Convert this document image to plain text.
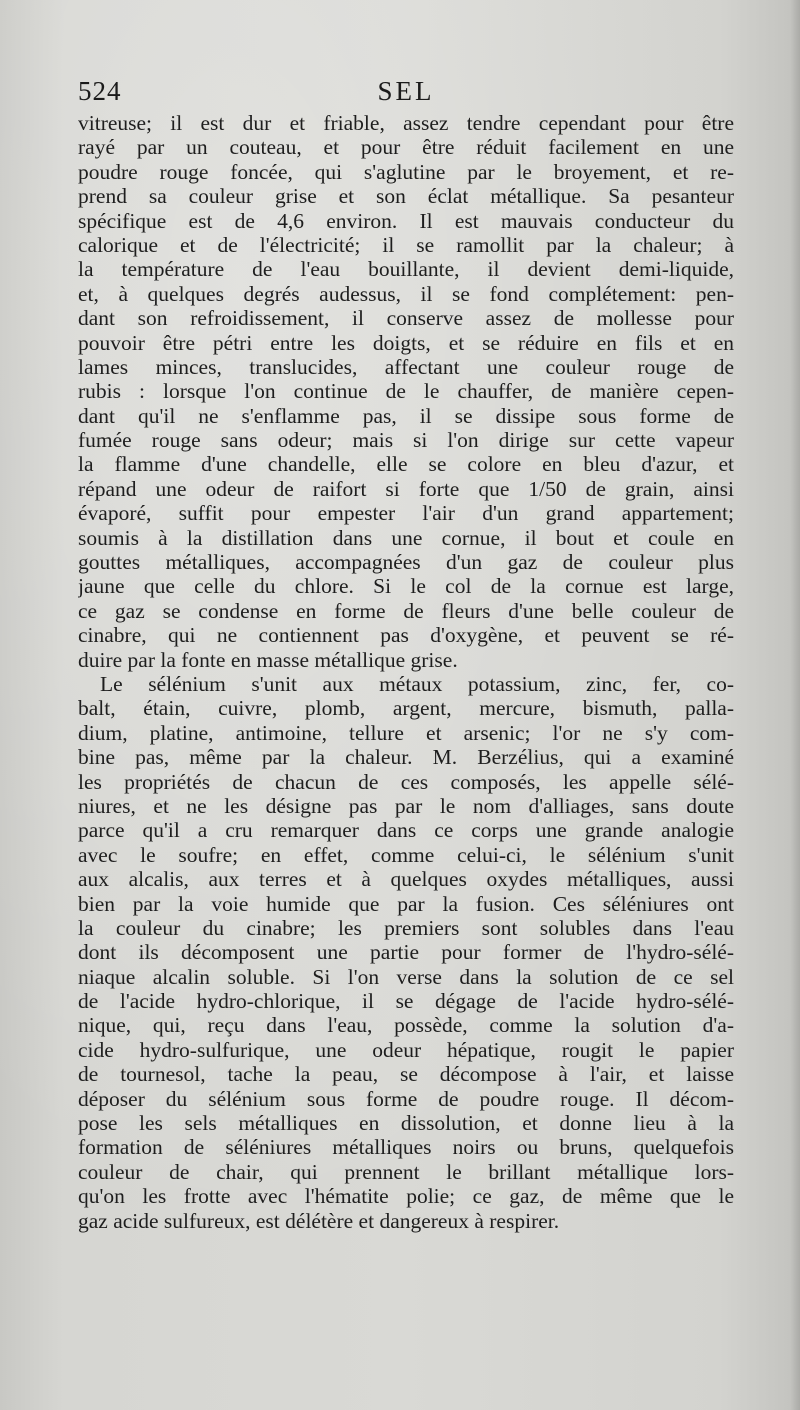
524	SEL
vitreuse; il est dur et friable, assez tendre cependant pour être
rayé par un couteau, et pour être réduit facilement en une
poudre rouge foncée, qui s'aglutine par le broyement, et re-
prend sa couleur grise et son éclat métallique. Sa pesanteur
spécifique est de 4,6 environ. Il est mauvais conducteur du
calorique et de l'électricité; il se ramollit par la chaleur; à
la température de l'eau bouillante, il devient demi-liquide,
et, à quelques degrés audessus, il se fond complétement: pen-
dant son refroidissement, il conserve assez de mollesse pour
pouvoir être pétri entre les doigts, et se réduire en fils et en
lames minces, translucides, affectant une couleur rouge de
rubis : lorsque l'on continue de le chauffer, de manière cepen-
dant qu'il ne s'enflamme pas, il se dissipe sous forme de
fumée rouge sans odeur; mais si l'on dirige sur cette vapeur
la flamme d'une chandelle, elle se colore en bleu d'azur, et
répand une odeur de raifort si forte que 1/50 de grain, ainsi
évaporé, suffit pour empester l'air d'un grand appartement;
soumis à la distillation dans une cornue, il bout et coule en
gouttes métalliques, accompagnées d'un gaz de couleur plus
jaune que celle du chlore. Si le col de la cornue est large,
ce gaz se condense en forme de fleurs d'une belle couleur de
cinabre, qui ne contiennent pas d'oxygène, et peuvent se ré-
duire par la fonte en masse métallique grise.
Le sélénium s'unit aux métaux potassium, zinc, fer, co-
balt, étain, cuivre, plomb, argent, mercure, bismuth, palla-
dium, platine, antimoine, tellure et arsenic; l'or ne s'y com-
bine pas, même par la chaleur. M. Berzélius, qui a examiné
les propriétés de chacun de ces composés, les appelle sélé-
niures, et ne les désigne pas par le nom d'alliages, sans doute
parce qu'il a cru remarquer dans ce corps une grande analogie
avec le soufre; en effet, comme celui-ci, le sélénium s'unit
aux alcalis, aux terres et à quelques oxydes métalliques, aussi
bien par la voie humide que par la fusion. Ces séléniures ont
la couleur du cinabre; les premiers sont solubles dans l'eau
dont ils décomposent une partie pour former de l'hydro-sélé-
niaque alcalin soluble. Si l'on verse dans la solution de ce sel
de l'acide hydro-chlorique, il se dégage de l'acide hydro-sélé-
nique, qui, reçu dans l'eau, possède, comme la solution d'a-
cide hydro-sulfurique, une odeur hépatique, rougit le papier
de tournesol, tache la peau, se décompose à l'air, et laisse
déposer du sélénium sous forme de poudre rouge. Il décom-
pose les sels métalliques en dissolution, et donne lieu à la
formation de séléniures métalliques noirs ou bruns, quelquefois
couleur de chair, qui prennent le brillant métallique lors-
qu'on les frotte avec l'hématite polie; ce gaz, de même que le
gaz acide sulfureux, est délétère et dangereux à respirer.
